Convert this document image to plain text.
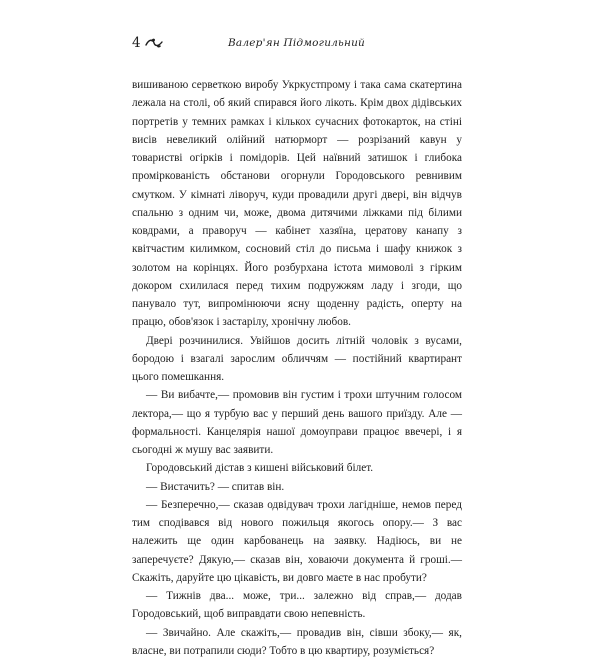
4	Валер'ян Підмогильний

вишиваною серветкою виробу Укркустпрому і така сама скатертина лежала на столі, об який спирався його лікоть. Крім двох дідівських портретів у темних рамках і кількох сучасних фотокарток, на стіні висів невеликий олійний натюрморт — розрізаний кавун у товаристві огірків і помідорів. Цей наївний затишок і глибока проміркованість обстанови огорнули Городовського ревнивим смутком. У кімнаті ліворуч, куди провадили другі двері, він відчув спальню з одним чи, може, двома дитячими ліжками під білими ковдрами, а праворуч — кабінет хазяїна, цератову канапу з квітчастим килимком, сосновий стіл до письма і шафу книжок з золотом на корінцях. Його розбурхана істота мимоволі з гірким докором схилилася перед тихим подружжям ладу і згоди, що панувало тут, випромінюючи ясну щоденну радість, оперту на працю, обов'язок і застарілу, хронічну любов.

Двері розчинилися. Увійшов досить літній чоловік з вусами, бородою і взагалі зарослим обличчям — постійний квартирант цього помешкання.

— Ви вибачте,— промовив він густим і трохи штучним голосом лектора,— що я турбую вас у перший день вашого приїзду. Але — формальності. Канцелярія нашої домоуправи працює ввечері, і я сьогодні ж мушу вас заявити.

Городовський дістав з кишені військовий білет.

— Вистачить? — спитав він.

— Безперечно,— сказав одвідувач трохи лагідніше, немов перед тим сподівався від нового пожильця якогось опору.— З вас належить ще один карбованець на заявку. Надіюсь, ви не заперечуєте? Дякую,— сказав він, ховаючи документа й гроші.— Скажіть, даруйте цю цікавість, ви довго маєте в нас пробути?

— Тижнів два... може, три... залежно від справ,— додав Городовський, щоб виправдати свою непевність.

— Звичайно. Але скажіть,— провадив він, сівши збоку,— як, власне, ви потрапили сюди? Тобто в цю квартиру, розуміється?
